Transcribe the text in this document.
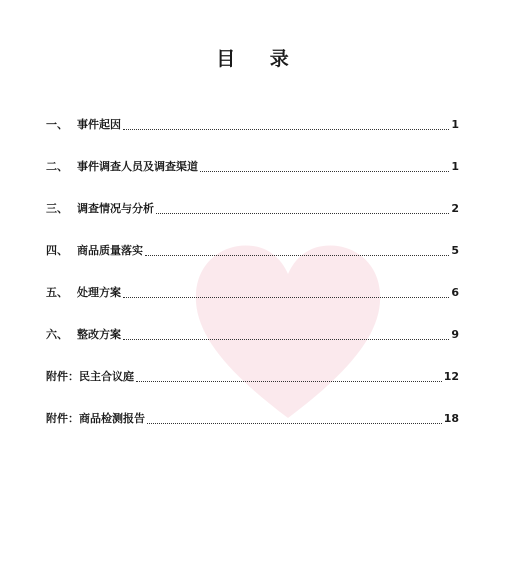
目 录
一、 事件起因	1
二、 事件调查人员及调查渠道	1
三、 调查情况与分析	2
四、 商品质量落实	5
五、 处理方案	6
六、 整改方案	9
附件：民主合议庭	12
附件：商品检测报告	18
